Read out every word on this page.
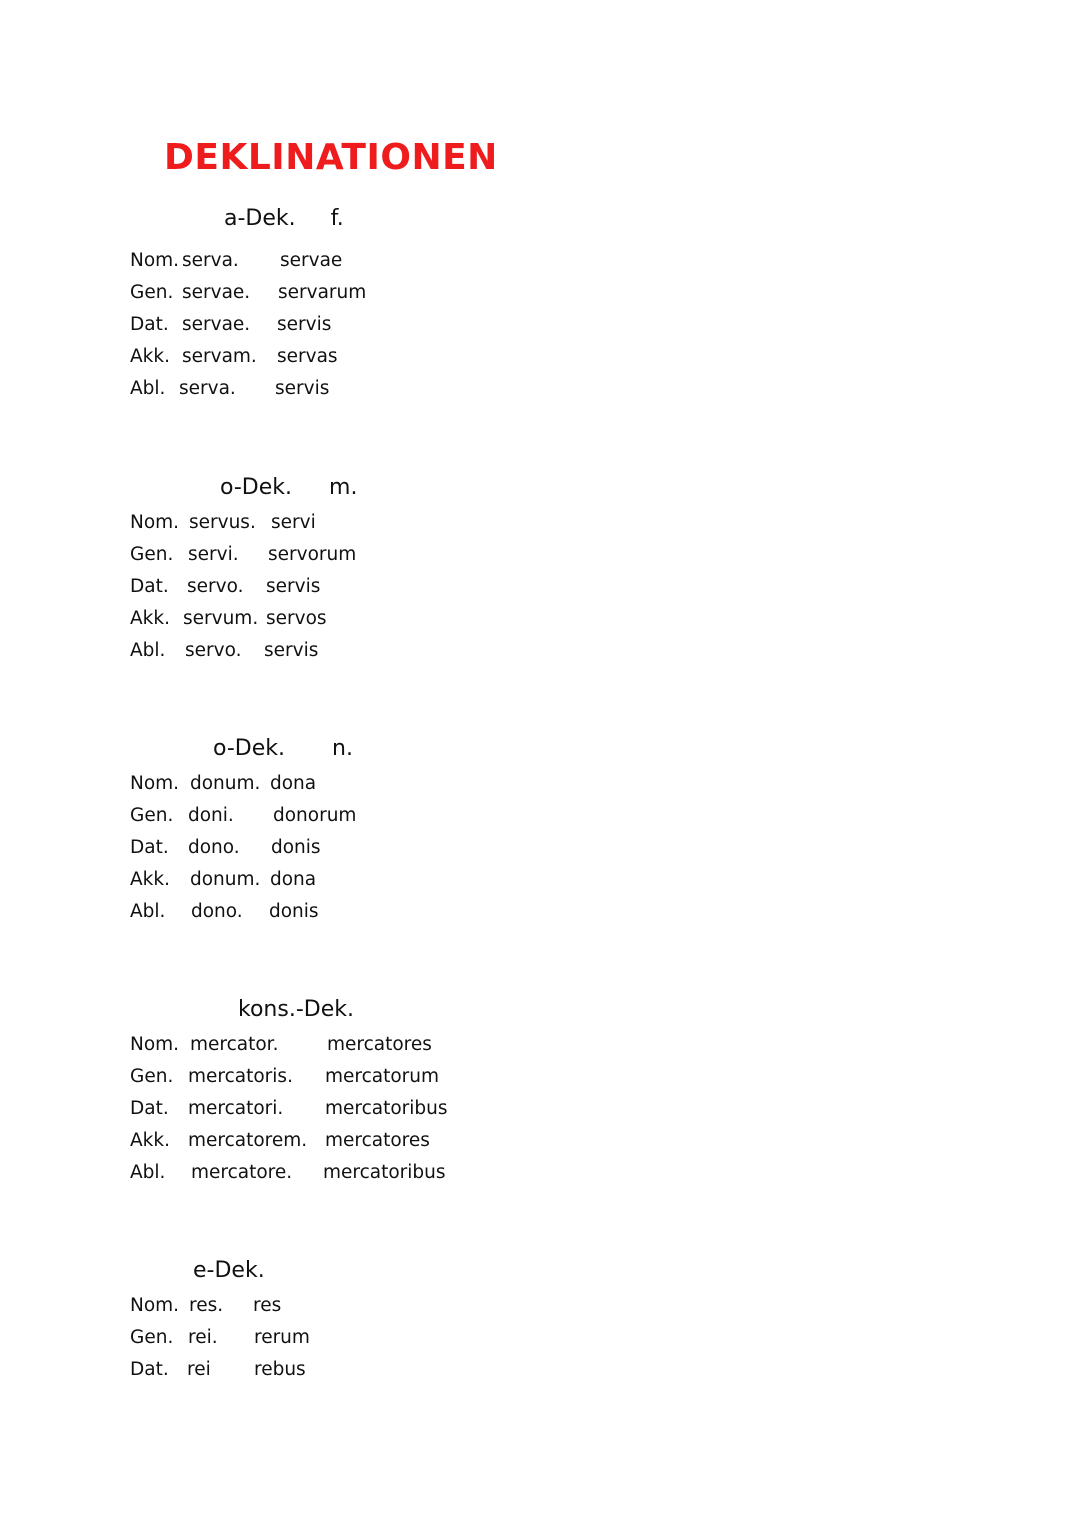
DEKLINATIONEN
a-Dek. f.
Nom. serva. servae
Gen. servae. servarum
Dat. servae. servis
Akk. servam. servas
Abl. serva. servis
o-Dek. m.
Nom. servus. servi
Gen. servi. servorum
Dat. servo. servis
Akk. servum. servos
Abl. servo. servis
o-Dek. n.
Nom. donum. dona
Gen. doni. donorum
Dat. dono. donis
Akk. donum. dona
Abl. dono. donis
kons.-Dek.
Nom. mercator.	mercatores
Gen. mercatoris. mercatorum
Dat. mercatori. mercatoribus
Akk. mercatorem. mercatores
Abl. mercatore. mercatoribus
e-Dek.
Nom. res. res
Gen. rei. rerum
Dat. rei rebus
